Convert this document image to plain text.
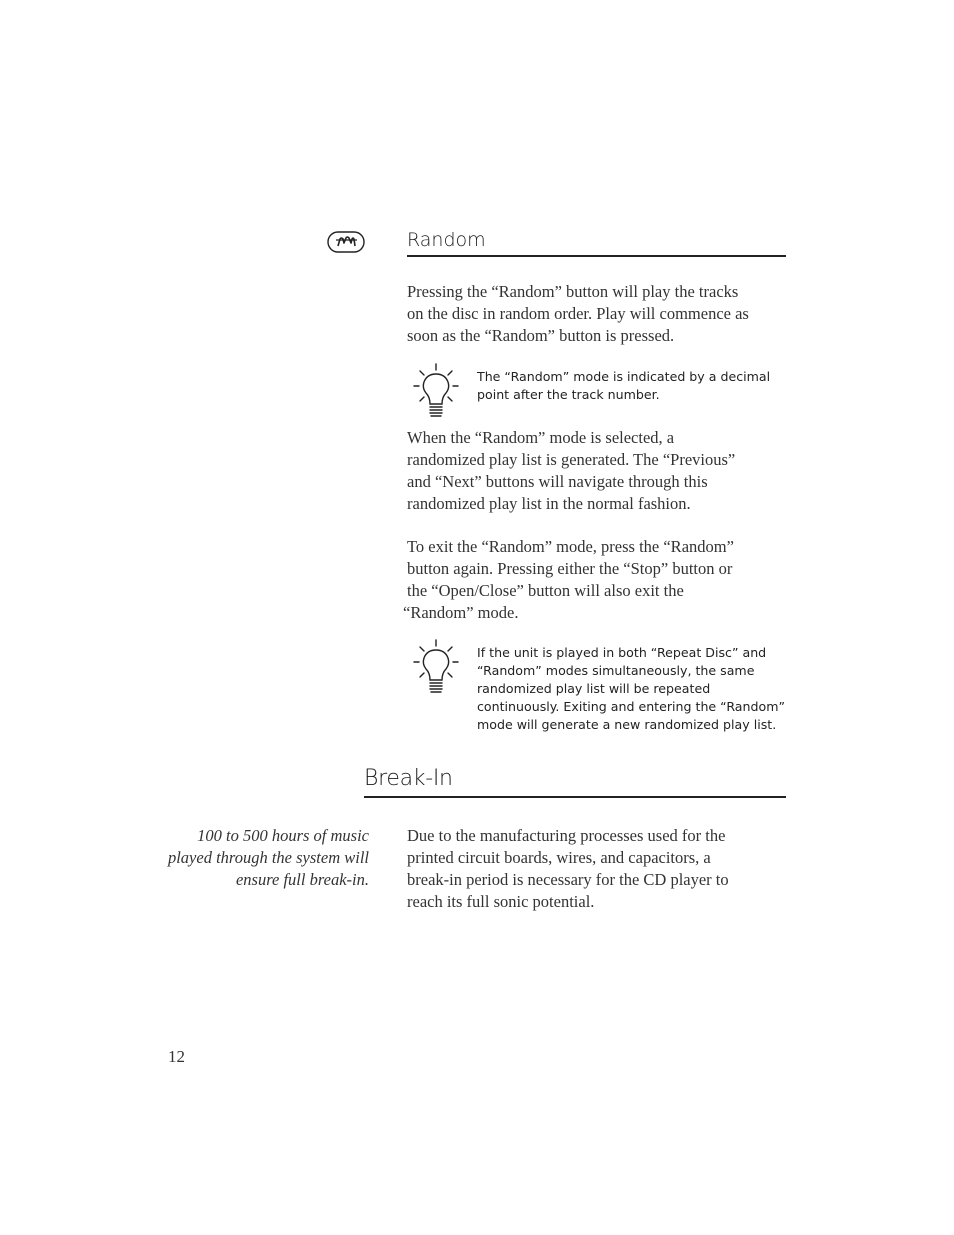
Random

Pressing the “Random” button will play the tracks
on the disc in random order. Play will commence as
soon as the “Random” button is pressed.

The “Random” mode is indicated by a decimal
point after the track number.

When the “Random” mode is selected, a
randomized play list is generated. The “Previous”
and “Next” buttons will navigate through this
randomized play list in the normal fashion.

To exit the “Random” mode, press the “Random”
button again. Pressing either the “Stop” button or
the “Open/Close” button will also exit the
“Random” mode.

If the unit is played in both “Repeat Disc” and
“Random” modes simultaneously, the same
randomized play list will be repeated
continuously. Exiting and entering the “Random”
mode will generate a new randomized play list.

Break-In

100 to 500 hours of music
played through the system will
ensure full break-in.

Due to the manufacturing processes used for the
printed circuit boards, wires, and capacitors, a
break-in period is necessary for the CD player to
reach its full sonic potential.

12
